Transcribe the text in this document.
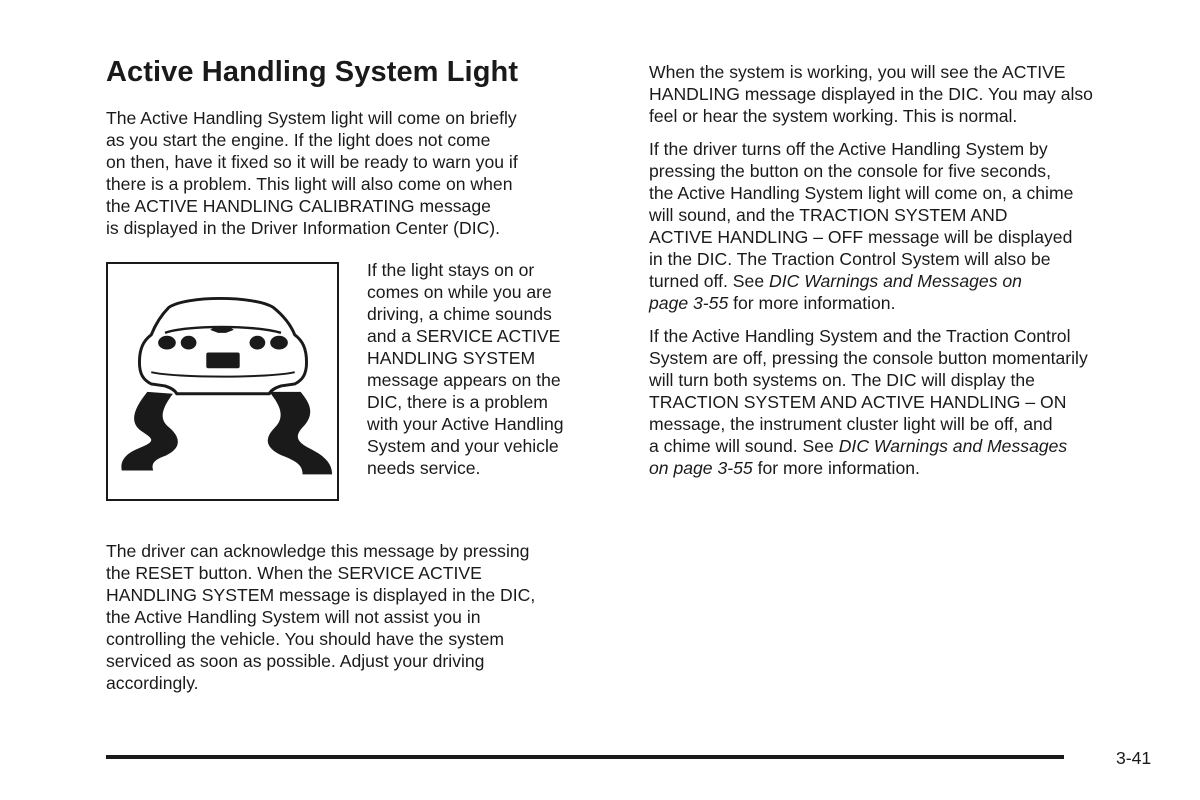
Active Handling System Light

The Active Handling System light will come on briefly
as you start the engine. If the light does not come
on then, have it fixed so it will be ready to warn you if
there is a problem. This light will also come on when
the ACTIVE HANDLING CALIBRATING message
is displayed in the Driver Information Center (DIC).

If the light stays on or
comes on while you are
driving, a chime sounds
and a SERVICE ACTIVE
HANDLING SYSTEM
message appears on the
DIC, there is a problem
with your Active Handling
System and your vehicle
needs service.

The driver can acknowledge this message by pressing
the RESET button. When the SERVICE ACTIVE
HANDLING SYSTEM message is displayed in the DIC,
the Active Handling System will not assist you in
controlling the vehicle. You should have the system
serviced as soon as possible. Adjust your driving
accordingly.

When the system is working, you will see the ACTIVE
HANDLING message displayed in the DIC. You may also
feel or hear the system working. This is normal.

If the driver turns off the Active Handling System by
pressing the button on the console for five seconds,
the Active Handling System light will come on, a chime
will sound, and the TRACTION SYSTEM AND
ACTIVE HANDLING – OFF message will be displayed
in the DIC. The Traction Control System will also be
turned off. See DIC Warnings and Messages on
page 3-55 for more information.

If the Active Handling System and the Traction Control
System are off, pressing the console button momentarily
will turn both systems on. The DIC will display the
TRACTION SYSTEM AND ACTIVE HANDLING – ON
message, the instrument cluster light will be off, and
a chime will sound. See DIC Warnings and Messages
on page 3-55 for more information.

3-41
